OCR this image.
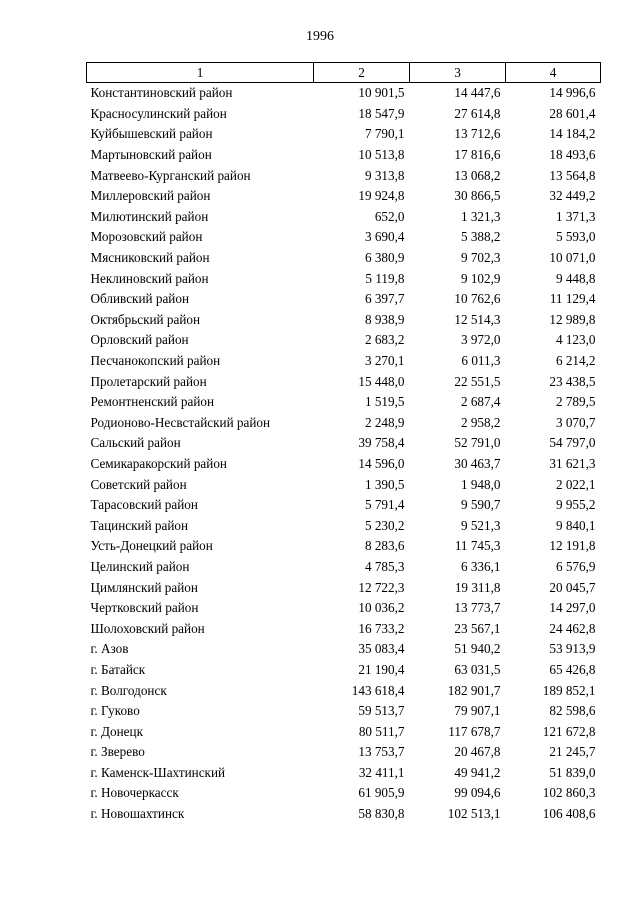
1996
1	2	3	4
Константиновский район	10 901,5	14 447,6	14 996,6
Красносулинский район	18 547,9	27 614,8	28 601,4
Куйбышевский район	7 790,1	13 712,6	14 184,2
Мартыновский район	10 513,8	17 816,6	18 493,6
Матвеево-Курганский район	9 313,8	13 068,2	13 564,8
Миллеровский район	19 924,8	30 866,5	32 449,2
Милютинский район	652,0	1 321,3	1 371,3
Морозовский район	3 690,4	5 388,2	5 593,0
Мясниковский район	6 380,9	9 702,3	10 071,0
Неклиновский район	5 119,8	9 102,9	9 448,8
Обливский район	6 397,7	10 762,6	11 129,4
Октябрьский район	8 938,9	12 514,3	12 989,8
Орловский район	2 683,2	3 972,0	4 123,0
Песчанокопский район	3 270,1	6 011,3	6 214,2
Пролетарский район	15 448,0	22 551,5	23 438,5
Ремонтненский район	1 519,5	2 687,4	2 789,5
Родионово-Несвстайский район	2 248,9	2 958,2	3 070,7
Сальский район	39 758,4	52 791,0	54 797,0
Семикаракорский район	14 596,0	30 463,7	31 621,3
Советский район	1 390,5	1 948,0	2 022,1
Тарасовский район	5 791,4	9 590,7	9 955,2
Тацинский район	5 230,2	9 521,3	9 840,1
Усть-Донецкий район	8 283,6	11 745,3	12 191,8
Целинский район	4 785,3	6 336,1	6 576,9
Цимлянский район	12 722,3	19 311,8	20 045,7
Чертковский район	10 036,2	13 773,7	14 297,0
Шолоховский район	16 733,2	23 567,1	24 462,8
г. Азов	35 083,4	51 940,2	53 913,9
г. Батайск	21 190,4	63 031,5	65 426,8
г. Волгодонск	143 618,4	182 901,7	189 852,1
г. Гуково	59 513,7	79 907,1	82 598,6
г. Донецк	80 511,7	117 678,7	121 672,8
г. Зверево	13 753,7	20 467,8	21 245,7
г. Каменск-Шахтинский	32 411,1	49 941,2	51 839,0
г. Новочеркасск	61 905,9	99 094,6	102 860,3
г. Новошахтинск	58 830,8	102 513,1	106 408,6
